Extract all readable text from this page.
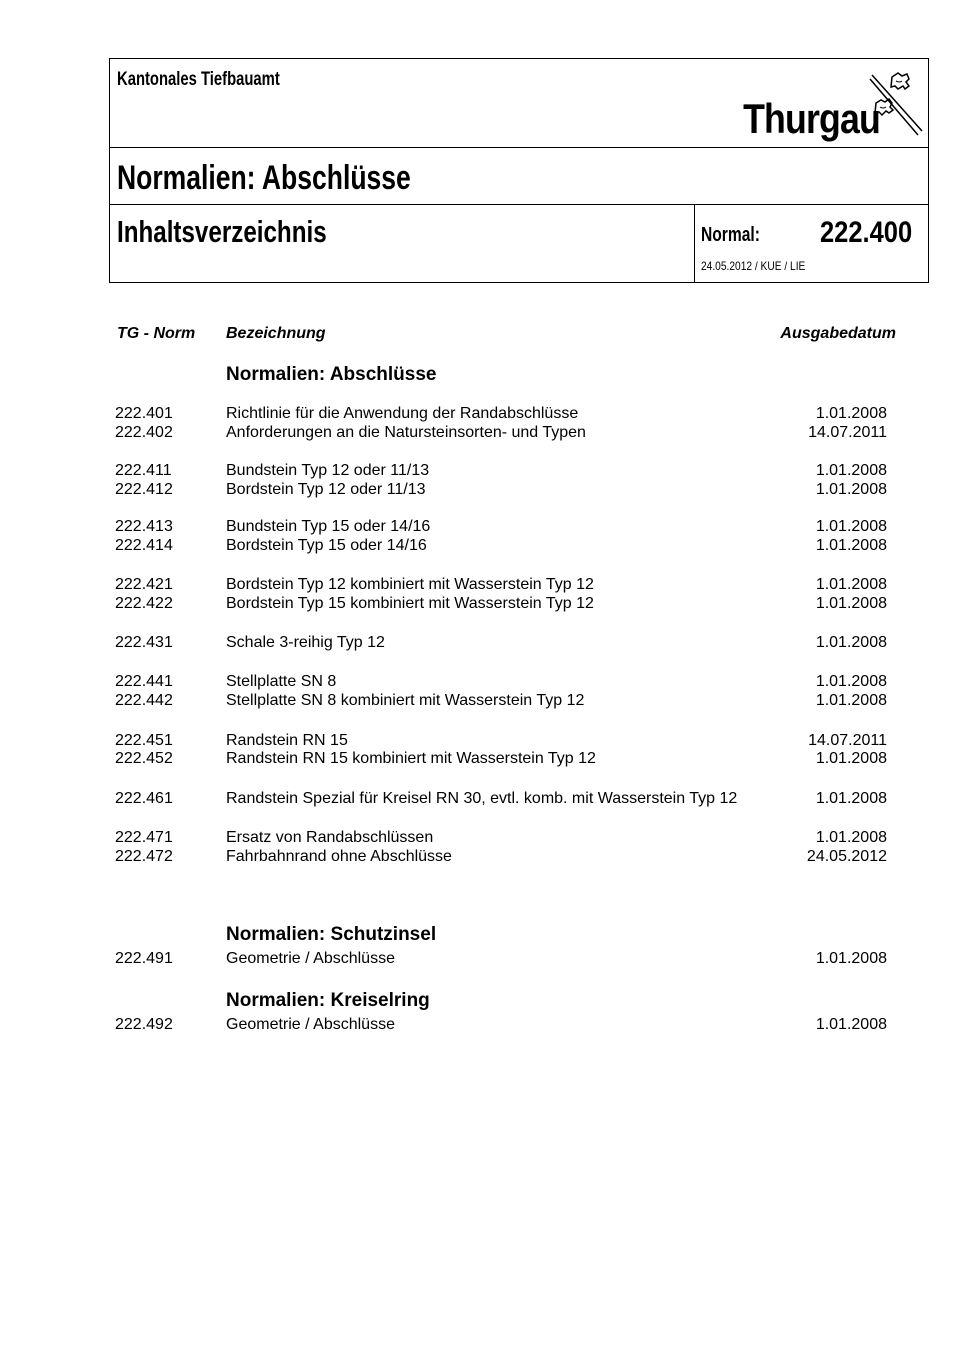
Kantonales Tiefbauamt
Thurgau
Normalien: Abschlüsse
Inhaltsverzeichnis	Normal: 222.400
24.05.2012 / KUE / LIE
TG - Norm Bezeichnung	Ausgabedatum
Normalien: Abschlüsse
222.401	Richtlinie für die Anwendung der Randabschlüsse	1.01.2008
222.402	Anforderungen an die Natursteinsorten- und Typen	14.07.2011
222.411	Bundstein Typ 12 oder 11/13	1.01.2008
222.412	Bordstein Typ 12 oder 11/13	1.01.2008
222.413	Bundstein Typ 15 oder 14/16	1.01.2008
222.414	Bordstein Typ 15 oder 14/16	1.01.2008
222.421	Bordstein Typ 12 kombiniert mit Wasserstein Typ 12	1.01.2008
222.422	Bordstein Typ 15 kombiniert mit Wasserstein Typ 12	1.01.2008
222.431	Schale 3-reihig Typ 12	1.01.2008
222.441	Stellplatte SN 8	1.01.2008
222.442	Stellplatte SN 8 kombiniert mit Wasserstein Typ 12	1.01.2008
222.451	Randstein RN 15	14.07.2011
222.452	Randstein RN 15 kombiniert mit Wasserstein Typ 12	1.01.2008
222.461	Randstein Spezial für Kreisel RN 30, evtl. komb. mit Wasserstein Typ 12	1.01.2008
222.471	Ersatz von Randabschlüssen	1.01.2008
222.472	Fahrbahnrand ohne Abschlüsse	24.05.2012
Normalien: Schutzinsel
222.491	Geometrie / Abschlüsse	1.01.2008
Normalien: Kreiselring
222.492	Geometrie / Abschlüsse	1.01.2008
